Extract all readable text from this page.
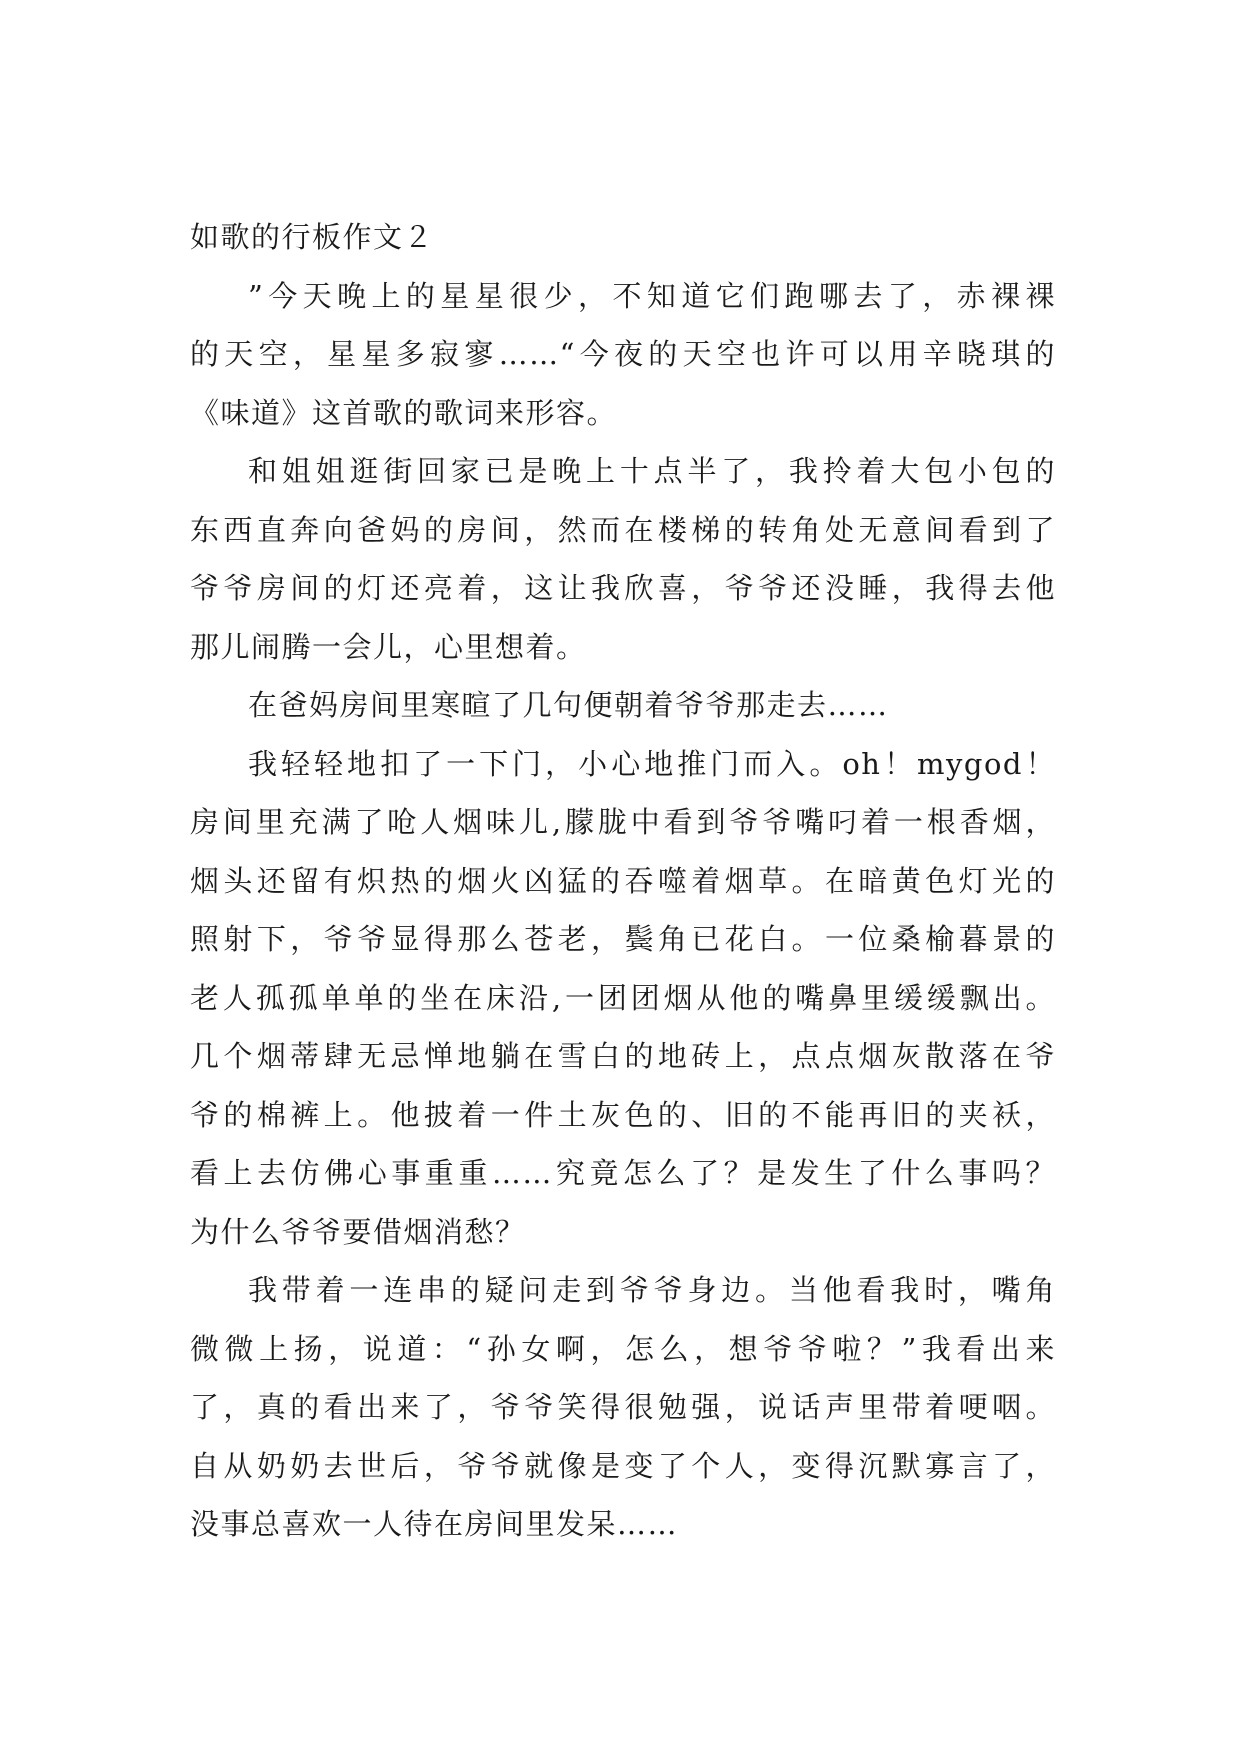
如歌的行板作文２

”今天晚上的星星很少，不知道它们跑哪去了，赤裸裸
的天空，星星多寂寥……“今夜的天空也许可以用辛晓琪的
《味道》这首歌的歌词来形容。

和姐姐逛街回家已是晚上十点半了，我拎着大包小包的
东西直奔向爸妈的房间，然而在楼梯的转角处无意间看到了
爷爷房间的灯还亮着，这让我欣喜，爷爷还没睡，我得去他
那儿闹腾一会儿，心里想着。

在爸妈房间里寒暄了几句便朝着爷爷那走去……

我轻轻地扣了一下门，小心地推门而入。oh！mygod！
房间里充满了呛人烟味儿,朦胧中看到爷爷嘴叼着一根香烟，
烟头还留有炽热的烟火凶猛的吞噬着烟草。在暗黄色灯光的
照射下，爷爷显得那么苍老，鬓角已花白。一位桑榆暮景的
老人孤孤单单的坐在床沿,一团团烟从他的嘴鼻里缓缓飘出。
几个烟蒂肆无忌惮地躺在雪白的地砖上，点点烟灰散落在爷
爷的棉裤上。他披着一件土灰色的、旧的不能再旧的夹袄，
看上去仿佛心事重重……究竟怎么了？是发生了什么事吗？
为什么爷爷要借烟消愁？

我带着一连串的疑问走到爷爷身边。当他看我时，嘴角
微微上扬，说道：“孙女啊，怎么，想爷爷啦？”我看出来
了，真的看出来了，爷爷笑得很勉强，说话声里带着哽咽。
自从奶奶去世后，爷爷就像是变了个人，变得沉默寡言了，
没事总喜欢一人待在房间里发呆……
